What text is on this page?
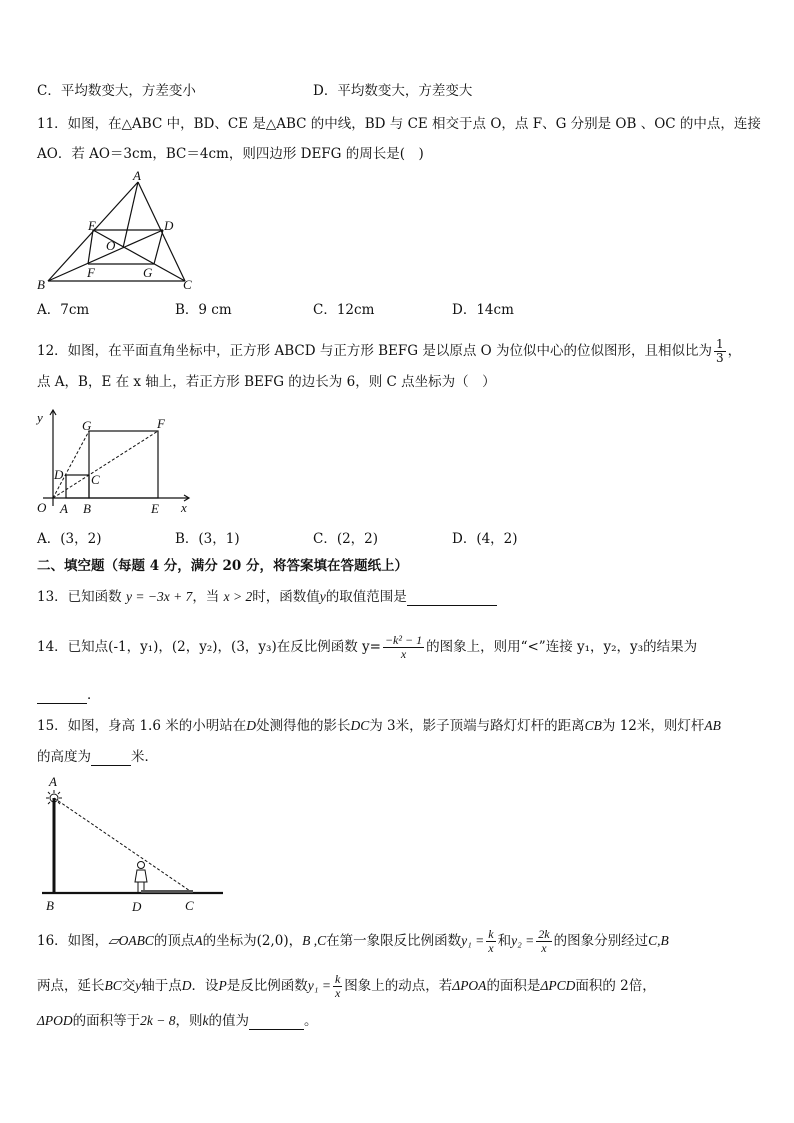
C．平均数变大，方差变小	D．平均数变大，方差变大
11．如图，在△ABC 中，BD、CE 是△ABC 的中线，BD 与 CE 相交于点 O，点 F、G 分别是 OB 、OC 的中点，连接
AO．若 AO＝3cm，BC＝4cm，则四边形 DEFG 的周长是(　)
A
E	D
O
F	G
B	C
A．7cm	B．9 cm	C．12cm	D．14cm
12．如图，在平面直角坐标中，正方形 ABCD 与正方形 BEFG 是以原点 O 为位似中心的位似图形，且相似比为 $\frac{1}{3}$ ，
点 A，B，E 在 x 轴上，若正方形 BEFG 的边长为 6，则 C 点坐标为（　）
y
x
O A B	E
G	F
D C
A．(3，2)	B．(3，1)	C．(2，2)	D．(4，2)
二、填空题（每题 4 分，满分 20 分，将答案填在答题纸上）
13．已知函数 y = −3x + 7，当 x > 2时，函数值y的取值范围是
14．已知点(-1，y₁)，(2，y₂)，(3，y₃)在反比例函数 $y= \frac{\text{−k² − 1}}{x}$ 的图象上，则用“<”连接 y₁，y₂，y₃的结果为
．
15．如图，身高 1.6 米的小明站在D处测得他的影长DC为 3米，影子顶端与路灯灯杆的距离CB为 12米，则灯杆AB
的高度为	米．
A
B	D	C
16．如图，▱OABC的顶点A的坐标为(2,0)，B ,C在第一象限反比例函数$y_1 = \frac{k}{x}$ 和$y_2 = \frac{2k}{x}$ 的图象分别经过C,B
两点，延长BC交y轴于点D．设P是反比例函数$y_1 = \frac{k}{x}$ 图象上的动点，若ΔPOA的面积是ΔPCD面积的 2倍，
ΔPOD的面积等于2k − 8，则k的值为	。
